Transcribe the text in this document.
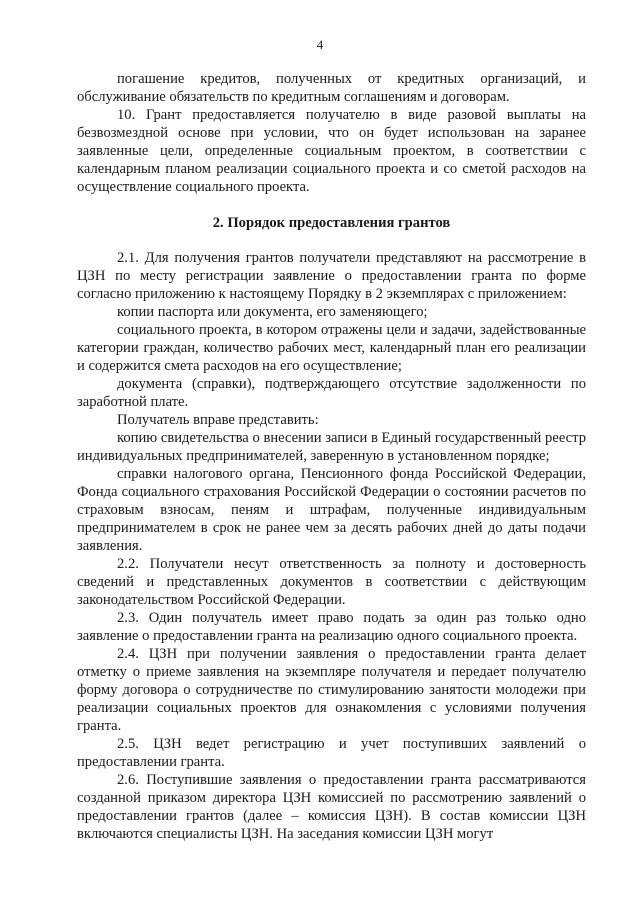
4

погашение кредитов, полученных от кредитных организаций, и обслуживание обязательств по кредитным соглашениям и договорам.

10. Грант предоставляется получателю в виде разовой выплаты на безвозмездной основе при условии, что он будет использован на заранее заявленные цели, определенные социальным проектом, в соответствии с календарным планом реализации социального проекта и со сметой расходов на осуществление социального проекта.

2. Порядок предоставления грантов

2.1. Для получения грантов получатели представляют на рассмотрение в ЦЗН по месту регистрации заявление о предоставлении гранта по форме согласно приложению к настоящему Порядку в 2 экземплярах с приложением:

копии паспорта или документа, его заменяющего;

социального проекта, в котором отражены цели и задачи, задействованные категории граждан, количество рабочих мест, календарный план его реализации и содержится смета расходов на его осуществление;

документа (справки), подтверждающего отсутствие задолженности по заработной плате.

Получатель вправе представить:

копию свидетельства о внесении записи в Единый государственный реестр индивидуальных предпринимателей, заверенную в установленном порядке;

справки налогового органа, Пенсионного фонда Российской Федерации, Фонда социального страхования Российской Федерации о состоянии расчетов по страховым взносам, пеням и штрафам, полученные индивидуальным предпринимателем в срок не ранее чем за десять рабочих дней до даты подачи заявления.

2.2. Получатели несут ответственность за полноту и достоверность сведений и представленных документов в соответствии с действующим законодательством Российской Федерации.

2.3. Один получатель имеет право подать за один раз только одно заявление о предоставлении гранта на реализацию одного социального проекта.

2.4. ЦЗН при получении заявления о предоставлении гранта делает отметку о приеме заявления на экземпляре получателя и передает получателю форму договора о сотрудничестве по стимулированию занятости молодежи при реализации социальных проектов для ознакомления с условиями получения гранта.

2.5. ЦЗН ведет регистрацию и учет поступивших заявлений о предоставлении гранта.

2.6. Поступившие заявления о предоставлении гранта рассматриваются созданной приказом директора ЦЗН комиссией по рассмотрению заявлений о предоставлении грантов (далее – комиссия ЦЗН). В состав комиссии ЦЗН включаются специалисты ЦЗН. На заседания комиссии ЦЗН могут
